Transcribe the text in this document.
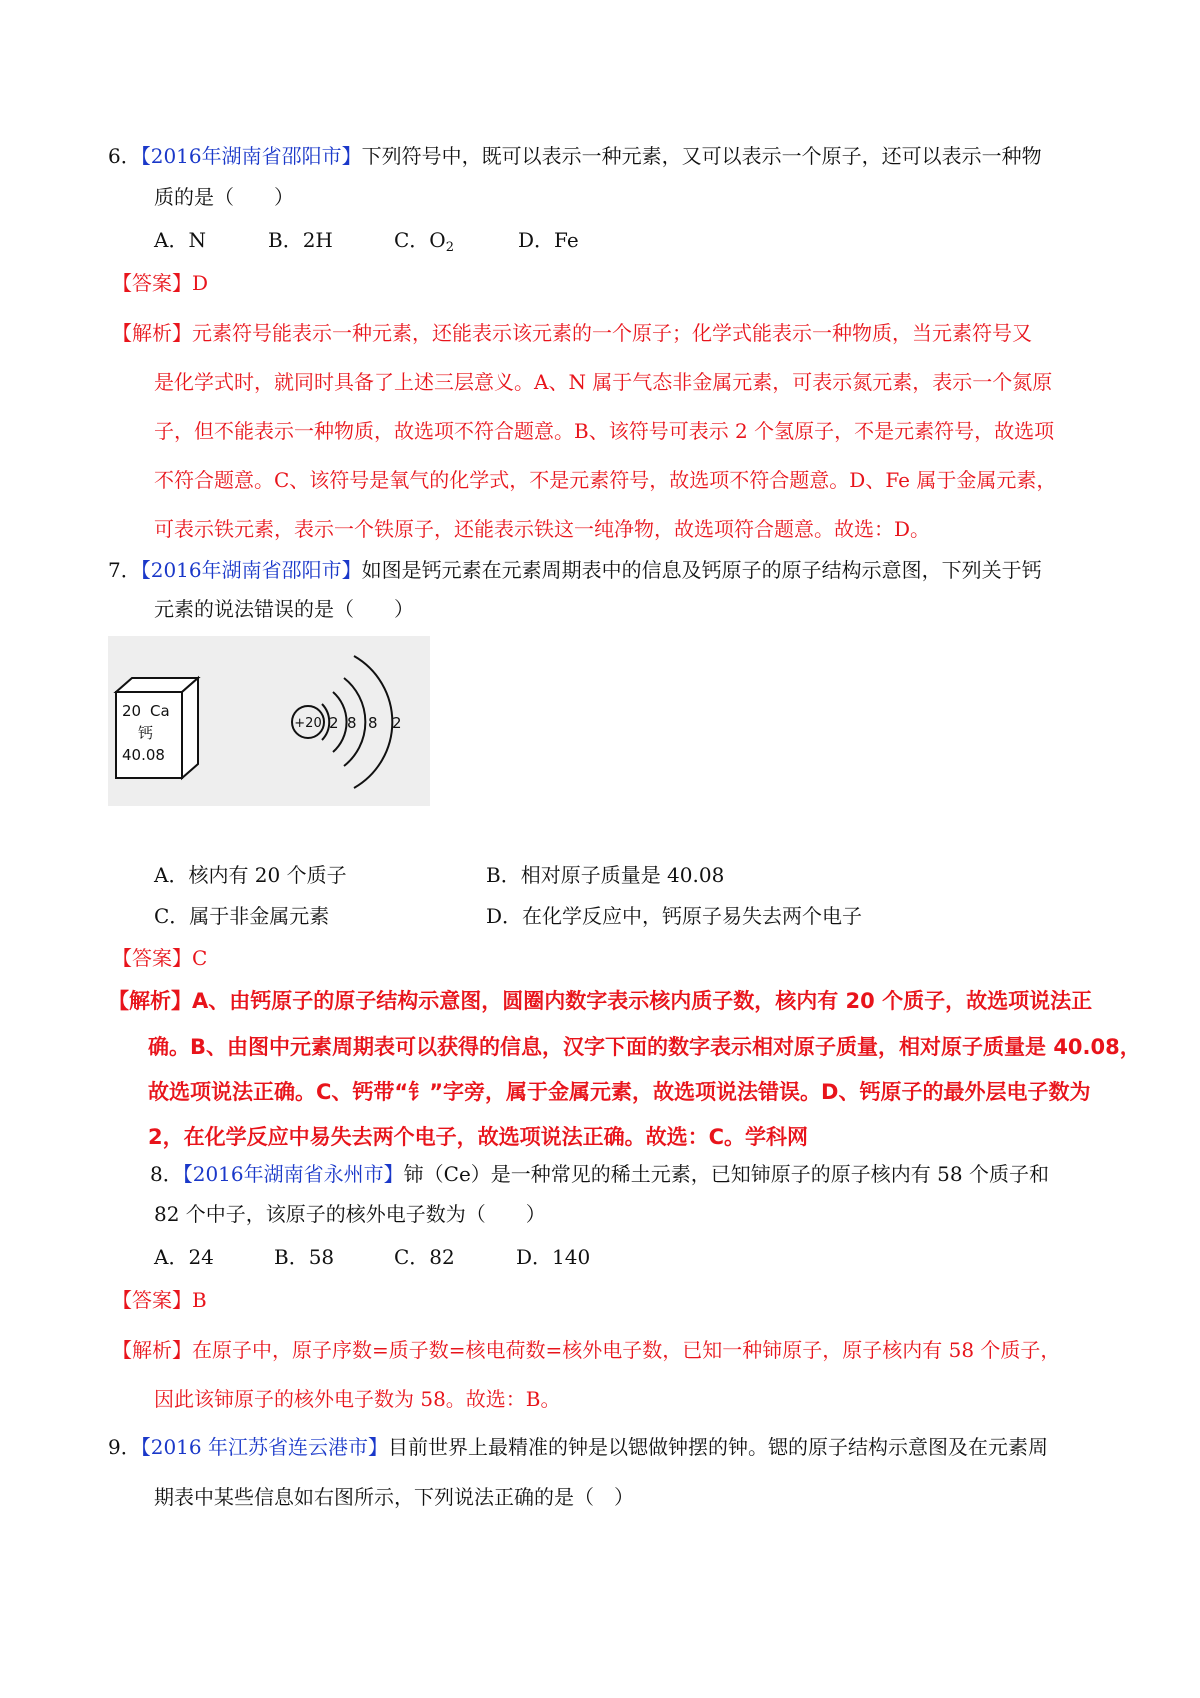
6．【2016年湖南省邵阳市】下列符号中，既可以表示一种元素，又可以表示一个原子，还可以表示一种物
质的是（　　）
A．N	B．2H	C．$O_2$	D．Fe
【答案】D
【解析】元素符号能表示一种元素，还能表示该元素的一个原子；化学式能表示一种物质，当元素符号又
是化学式时，就同时具备了上述三层意义。A、N 属于气态非金属元素，可表示氮元素，表示一个氮原
子，但不能表示一种物质，故选项不符合题意。B、该符号可表示 2 个氢原子，不是元素符号，故选项
不符合题意。C、该符号是氧气的化学式，不是元素符号，故选项不符合题意。D、Fe 属于金属元素，
可表示铁元素，表示一个铁原子，还能表示铁这一纯净物，故选项符合题意。故选：D。
7．【2016年湖南省邵阳市】如图是钙元素在元素周期表中的信息及钙原子的原子结构示意图，下列关于钙
元素的说法错误的是（　　）
20 Ca
钙
40.08
+20 2 8 8 2
A．核内有 20 个质子	B．相对原子质量是 40.08
C．属于非金属元素	D．在化学反应中，钙原子易失去两个电子
【答案】C
【解析】A、由钙原子的原子结构示意图，圆圈内数字表示核内质子数，核内有 20 个质子，故选项说法正
确。B、由图中元素周期表可以获得的信息，汉字下面的数字表示相对原子质量，相对原子质量是 40.08，
故选项说法正确。C、钙带“钅”字旁，属于金属元素，故选项说法错误。D、钙原子的最外层电子数为
2，在化学反应中易失去两个电子，故选项说法正确。故选：C。学科网
8．【2016年湖南省永州市】铈（Ce）是一种常见的稀土元素，已知铈原子的原子核内有 58 个质子和
82 个中子，该原子的核外电子数为（　　）
A．24	B．58	C．82	D．140
【答案】B
【解析】在原子中，原子序数=质子数=核电荷数=核外电子数，已知一种铈原子，原子核内有 58 个质子，
因此该铈原子的核外电子数为 58。故选：B。
9．【2016 年江苏省连云港市】目前世界上最精准的钟是以锶做钟摆的钟。锶的原子结构示意图及在元素周
期表中某些信息如右图所示，下列说法正确的是（　）
